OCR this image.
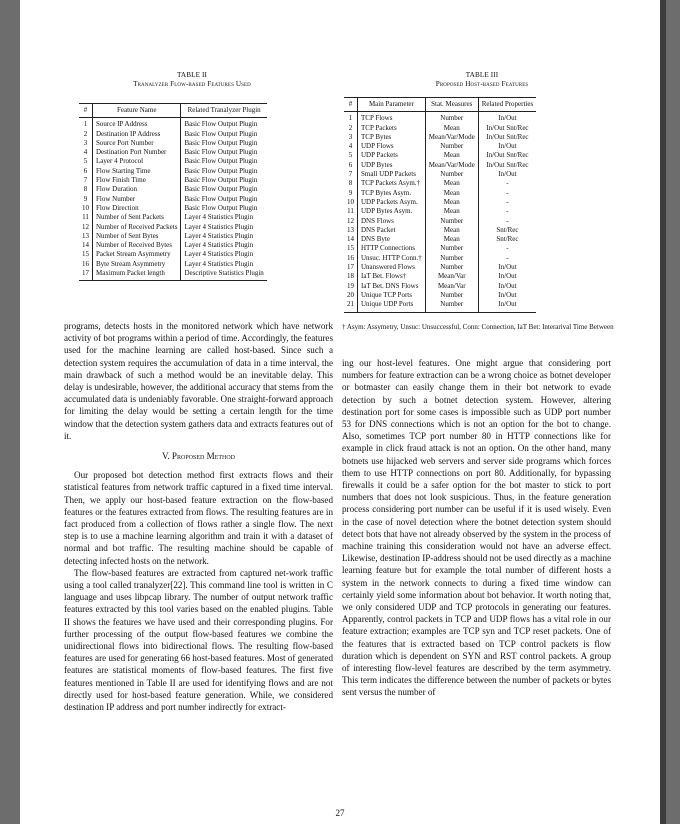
TABLE II
Tranalyzer Flow-based Features Used
#	Feature Name	Related Tranalyzer Plugin
1	Source IP Address	Basic Flow Output Plugin
2	Destination IP Address	Basic Flow Output Plugin
3	Source Port Number	Basic Flow Output Plugin
4	Destination Port Number	Basic Flow Output Plugin
5	Layer 4 Protocol	Basic Flow Output Plugin
6	Flow Starting Time	Basic Flow Output Plugin
7	Flow Finish Time	Basic Flow Output Plugin
8	Flow Duration	Basic Flow Output Plugin
9	Flow Number	Basic Flow Output Plugin
10	Flow Direction	Basic Flow Output Plugin
11	Number of Sent Packets	Layer 4 Statistics Plugin
12	Number of Received Packets	Layer 4 Statistics Plugin
13	Number of Sent Bytes	Layer 4 Statistics Plugin
14	Number of Received Bytes	Layer 4 Statistics Plugin
15	Packet Stream Asymmetry	Layer 4 Statistics Plugin
16	Byte Stream Asymmetry	Layer 4 Statistics Plugin
17	Maximum Packet length	Descriptive Statistics Plugin
TABLE III
Proposed Host-based Features
#	Main Parameter	Stat. Measures	Related Properties
1	TCP Flows	Number	In/Out
2	TCP Packets	Mean	In/Out Snt/Rec
3	TCP Bytes	Mean/Var/Mode	In/Out Snt/Rec
4	UDP Flows	Number	In/Out
5	UDP Packets	Mean	In/Out Snt/Rec
6	UDP Bytes	Mean/Var/Mode	In/Out Snt/Rec
7	Small UDP Packets	Number	In/Out
8	TCP Packets Asym.†	Mean	-
9	TCP Bytes Asym.	Mean	-
10	UDP Packets Asym.	Mean	-
11	UDP Bytes Asym.	Mean	-
12	DNS Flows	Number	-
13	DNS Packet	Mean	Snt/Rec
14	DNS Byte	Mean	Snt/Rec
15	HTTP Connections	Number	-
16	Unsuc. HTTP Conn.†	Number	-
17	Unanswered Flows	Number	In/Out
18	IaT Bet. Flows†	Mean/Var	In/Out
19	IaT Bet. DNS Flows	Mean/Var	In/Out
20	Unique TCP Ports	Number	In/Out
21	Unique UDP Ports	Number	In/Out
† Asym: Assymetry, Unsuc: Unsuccessful, Conn: Connection, IaT Bet: Interarival Time Between

programs, detects hosts in the monitored network which have network activity of bot programs within a period of time. Accordingly, the features used for the machine learning are called host-based. Since such a detection system requires the accumulation of data in a time interval, the main drawback of such a method would be an inevitable delay. This delay is undesirable, however, the additional accuracy that stems from the accumulated data is undeniably favorable. One straight-forward approach for limiting the delay would be setting a certain length for the time window that the detection system gathers data and extracts features out of it.

V. Proposed Method

Our proposed bot detection method first extracts flows and their statistical features from network traffic captured in a fixed time interval. Then, we apply our host-based feature extraction on the flow-based features or the features extracted from flows. The resulting features are in fact produced from a collection of flows rather a single flow. The next step is to use a machine learning algorithm and train it with a dataset of normal and bot traffic. The resulting machine should be capable of detecting infected hosts on the network.

The flow-based features are extracted from captured net-work traffic using a tool called tranalyzer[22]. This command line tool is written in C language and uses libpcap library. The number of output network traffic features extracted by this tool varies based on the enabled plugins. Table II shows the features we have used and their corresponding plugins. For further processing of the output flow-based features we combine the unidirectional flows into bidirectional flows. The resulting flow-based features are used for generating 66 host-based features. Most of generated features are statistical moments of flow-based features. The first five features mentioned in Table II are used for identifying flows and are not directly used for host-based feature generation. While, we considered destination IP address and port number indirectly for extract-

ing our host-level features. One might argue that considering port numbers for feature extraction can be a wrong choice as botnet developer or botmaster can easily change them in their bot network to evade detection by such a botnet detection system. However, altering destination port for some cases is impossible such as UDP port number 53 for DNS connections which is not an option for the bot to change. Also, sometimes TCP port number 80 in HTTP connections like for example in click fraud attack is not an option. On the other hand, many botnets use hijacked web servers and server side programs which forces them to use HTTP connections on port 80. Additionally, for bypassing firewalls it could be a safer option for the bot master to stick to port numbers that does not look suspicious. Thus, in the feature generation process considering port number can be useful if it is used wisely. Even in the case of novel detection where the botnet detection system should detect bots that have not already observed by the system in the process of machine training this consideration would not have an adverse effect. Likewise, destination IP-address should not be used directly as a machine learning feature but for example the total number of different hosts a system in the network connects to during a fixed time window can certainly yield some information about bot behavior. It worth noting that, we only considered UDP and TCP protocols in generating our features. Apparently, control packets in TCP and UDP flows has a vital role in our feature extraction; examples are TCP syn and TCP reset packets. One of the features that is extracted based on TCP control packets is flow duration which is dependent on SYN and RST control packets. A group of interesting flow-level features are described by the term asymmetry. This term indicates the difference between the number of packets or bytes sent versus the number of

27
